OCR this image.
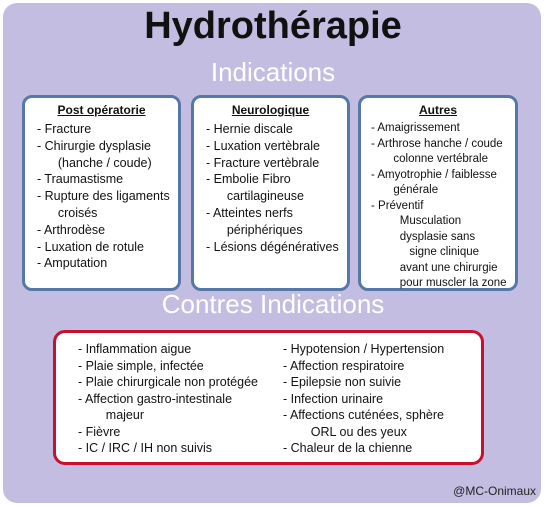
Hydrothérapie
Indications
Post opératorie
- Fracture
- Chirurgie dysplasie
(hanche / coude)
- Traumastisme
- Rupture des ligaments
croisés
- Arthrodèse
- Luxation de rotule
- Amputation
Neurologique
- Hernie discale
- Luxation vertèbrale
- Fracture vertèbrale
- Embolie Fibro
cartilagineuse
- Atteintes nerfs
périphériques
- Lésions dégénératives
Autres
- Amaigrissement
- Arthrose hanche / coude
colonne vertébrale
- Amyotrophie / faiblesse
générale
- Préventif
Musculation
dysplasie sans
signe clinique
avant une chirurgie
pour muscler la zone
Contres Indications
- Inflammation aigue
- Plaie simple, infectée
- Plaie chirurgicale non protégée
- Affection gastro-intestinale
majeur
- Fièvre
- IC / IRC / IH non suivis
- Hypotension / Hypertension
- Affection respiratoire
- Epilepsie non suivie
- Infection urinaire
- Affections cuténées, sphère
ORL ou des yeux
- Chaleur de la chienne
@MC-Onimaux
